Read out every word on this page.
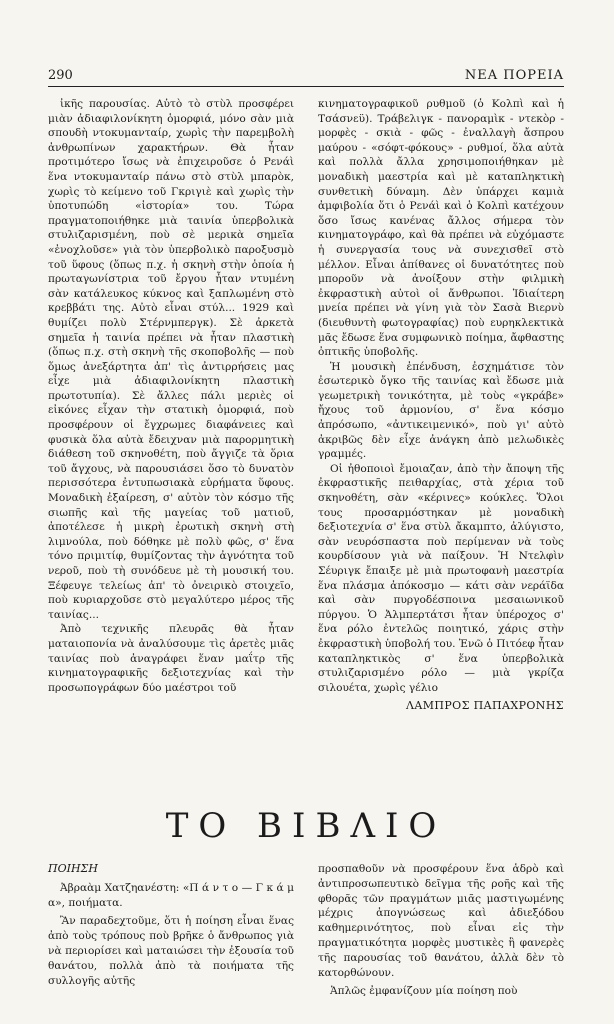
290	ΝΕΑ ΠΟΡΕΙΑ

ἰκῆς παρουσίας. Αὐτὸ τὸ στὺλ προσφέρει μιὰν ἀδιαφιλονίκητη ὁμορφιά, μόνο σὰν μιὰ σπουδὴ ντοκυμανταίρ, χωρὶς τὴν παρεμβολὴ ἀνθρωπίνων χαρακτήρων. Θὰ ἦταν προτιμότερο ἴσως νὰ ἐπιχειροῦσε ὁ Ρενάὶ ἕνα ντοκυμανταίρ πάνω στὸ στὺλ μπαρὸκ, χωρὶς τὸ κείμενο τοῦ Γκριγιὲ καὶ χωρὶς τὴν ὑποτυπώδη «ἱστορία» του. Τώρα πραγματοποιήθηκε μιὰ ταινία ὑπερβολικὰ στυλιζαρισμένη, ποὺ σὲ μερικὰ σημεῖα «ἐνοχλοῦσε» γιὰ τὸν ὑπερβολικὸ παροξυσμὸ τοῦ ὕφους (ὅπως π.χ. ἡ σκηνὴ στὴν ὁποία ἡ πρωταγωνίστρια τοῦ ἔργου ἦταν ντυμένη σὰν κατάλευκος κύκνος καὶ ξαπλωμένη στὸ κρεββάτι της. Αὐτὸ εἶναι στύλ... 1929 καὶ θυμίζει πολὺ Στέρνμπεργκ). Σὲ ἀρκετὰ σημεῖα ἡ ταινία πρέπει νὰ ἦταν πλαστικὴ (ὅπως π.χ. στὴ σκηνὴ τῆς σκοποβολῆς — ποὺ ὅμως ἀνεξάρτητα ἀπ' τὶς ἀντιρρήσεις μας εἶχε μιὰ ἀδιαφιλονίκητη πλαστικὴ πρωτοτυπία). Σὲ ἄλλες πάλι μεριὲς οἱ εἰκόνες εἶχαν τὴν στατικὴ ὁμορφιά, ποὺ προσφέρουν οἱ ἔγχρωμες διαφάνειες καὶ φυσικὰ ὅλα αὐτὰ ἔδειχναν μιὰ παρορμητικὴ διάθεση τοῦ σκηνοθέτη, ποὺ ἄγγιζε τὰ ὅρια τοῦ ἄγχους, νὰ παρουσιάσει ὅσο τὸ δυνατὸν περισσότερα ἐντυπωσιακὰ εὑρήματα ὕφους. Μοναδικὴ ἐξαίρεση, σ' αὐτὸν τὸν κόσμο τῆς σιωπῆς καὶ τῆς μαγείας τοῦ ματιοῦ, ἀποτέλεσε ἡ μικρὴ ἐρωτικὴ σκηνὴ στὴ λιμνούλα, ποὺ δόθηκε μὲ πολὺ φῶς, σ' ἕνα τόνο πριμιτίφ, θυμίζοντας τὴν ἀγνότητα τοῦ νεροῦ, ποὺ τὴ συνόδευε μὲ τὴ μουσική του. Ξέφευγε τελείως ἀπ' τὸ ὀνειρικὸ στοιχεῖο, ποὺ κυριαρχοῦσε στὸ μεγαλύτερο μέρος τῆς ταινίας...

Ἀπὸ τεχνικῆς πλευρᾶς θὰ ἦταν ματαιοπονία νὰ ἀναλύσουμε τὶς ἀρετὲς μιᾶς ταινίας ποὺ ἀναγράφει ἕναν μαΐτρ τῆς κινηματογραφικῆς δεξιοτεχνίας καὶ τὴν προσωπογράφων δύο μαέστροι τοῦ

κινηματογραφικοῦ ρυθμοῦ (ὁ Κολπὶ καὶ ἡ Τσάσνεϋ). Τράβελιγκ - πανοραμὶκ - ντεκὸρ - μορφὲς - σκιὰ - φῶς - ἐναλλαγὴ ἄσπρου μαύρου - «σόφτ-φόκους» - ρυθμοί, ὅλα αὐτὰ καὶ πολλὰ ἄλλα χρησιμοποιήθηκαν μὲ μοναδικὴ μαεστρία καὶ μὲ καταπληκτικὴ συνθετικὴ δύναμη. Δὲν ὑπάρχει καμιὰ ἀμφιβολία ὅτι ὁ Ρενάὶ καὶ ὁ Κολπὶ κατέχουν ὅσο ἴσως κανένας ἄλλος σήμερα τὸν κινηματογράφο, καὶ θὰ πρέπει νὰ εὐχόμαστε ἡ συνεργασία τους νὰ συνεχισθεῖ στὸ μέλλον. Εἶναι ἀπίθανες οἱ δυνατότητες ποὺ μποροῦν νὰ ἀνοίξουν στὴν φιλμικὴ ἐκφραστικὴ αὐτοὶ οἱ ἄνθρωποι. Ἰδιαίτερη μνεία πρέπει νὰ γίνη γιὰ τὸν Σασὰ Βιερνὺ (διευθυντὴ φωτογραφίας) ποὺ ευρηκλεκτικὰ μᾶς ἔδωσε ἕνα συμφωνικὸ ποίημα, ἄφθαστης ὀπτικῆς ὑποβολῆς.

Ἡ μουσικὴ ἐπένδυση, ἐσχημάτισε τὸν ἐσωτερικὸ ὄγκο τῆς ταινίας καὶ ἔδωσε μιὰ γεωμετρικὴ τονικότητα, μὲ τοὺς «γκράβε» ἤχους τοῦ ἁρμονίου, σ' ἕνα κόσμο ἀπρόσωπο, «ἀντικειμενικό», ποὺ γι' αὐτὸ ἀκριβῶς δὲν εἶχε ἀνάγκη ἀπὸ μελωδικὲς γραμμές.

Οἱ ἠθοποιοὶ ἔμοιαζαν, ἀπὸ τὴν ἄποψη τῆς ἐκφραστικῆς πειθαρχίας, στὰ χέρια τοῦ σκηνοθέτη, σὰν «κέρινες» κούκλες. Ὅλοι τους προσαρμόστηκαν μὲ μοναδικὴ δεξιοτεχνία σ' ἕνα στὺλ ἄκαμπτο, ἀλύγιστο, σὰν νευρόσπαστα ποὺ περίμεναν νὰ τοὺς κουρδίσουν γιὰ νὰ παίξουν. Ἡ Ντελφὶν Σέυριγκ ἔπαιξε μὲ μιὰ πρωτοφανὴ μαεστρία ἕνα πλάσμα ἀπόκοσμο — κάτι σὰν νεράϊδα καὶ σὰν πυργοδέσποινα μεσαιωνικοῦ πύργου. Ὁ Ἀλμπερτάτσι ἦταν ὑπέροχος σ' ἕνα ρόλο ἐντελῶς ποιητικό, χάρις στὴν ἐκφραστικὴ ὑποβολή του. Ἐνῶ ὁ Πιτόεφ ἦταν καταπληκτικὸς σ' ἕνα ὑπερβολικὰ στυλιζαρισμένο ρόλο — μιὰ γκρίζα σιλουέτα, χωρὶς γέλιο

ΛΑΜΠΡΟΣ ΠΑΠΑΧΡΟΝΗΣ
ΤΟ ΒΙΒΛΙΟ
ΠΟΙΗΣΗ

Ἀβραὰμ Χατζηανέστη: «Π ά ν τ ο — Γ κ ά μ α», ποιήματα.

Ἂν παραδεχτοῦμε, ὅτι ἡ ποίηση εἶναι ἕνας ἀπὸ τοὺς τρόπους ποὺ βρῆκε ὁ ἄνθρωπος γιὰ νὰ περιορίσει καὶ ματαιώσει τὴν ἐξουσία τοῦ θανάτου, πολλὰ ἀπὸ τὰ ποιήματα τῆς συλλογῆς αὐτῆς

προσπαθοῦν νὰ προσφέρουν ἕνα ἁδρὸ καὶ ἀντιπροσωπευτικὸ δεῖγμα τῆς ροῆς καὶ τῆς φθορᾶς τῶν πραγμάτων μιᾶς μαστιγωμένης μέχρις ἀπογνώσεως καὶ ἀδιεξόδου καθημερινότητος, ποὺ εἶναι εἰς τὴν πραγματικότητα μορφὲς μυστικὲς ἢ φανερὲς τῆς παρουσίας τοῦ θανάτου, ἀλλὰ δὲν τὸ κατορθώνουν.

Ἁπλῶς ἐμφανίζουν μία ποίηση ποὺ
